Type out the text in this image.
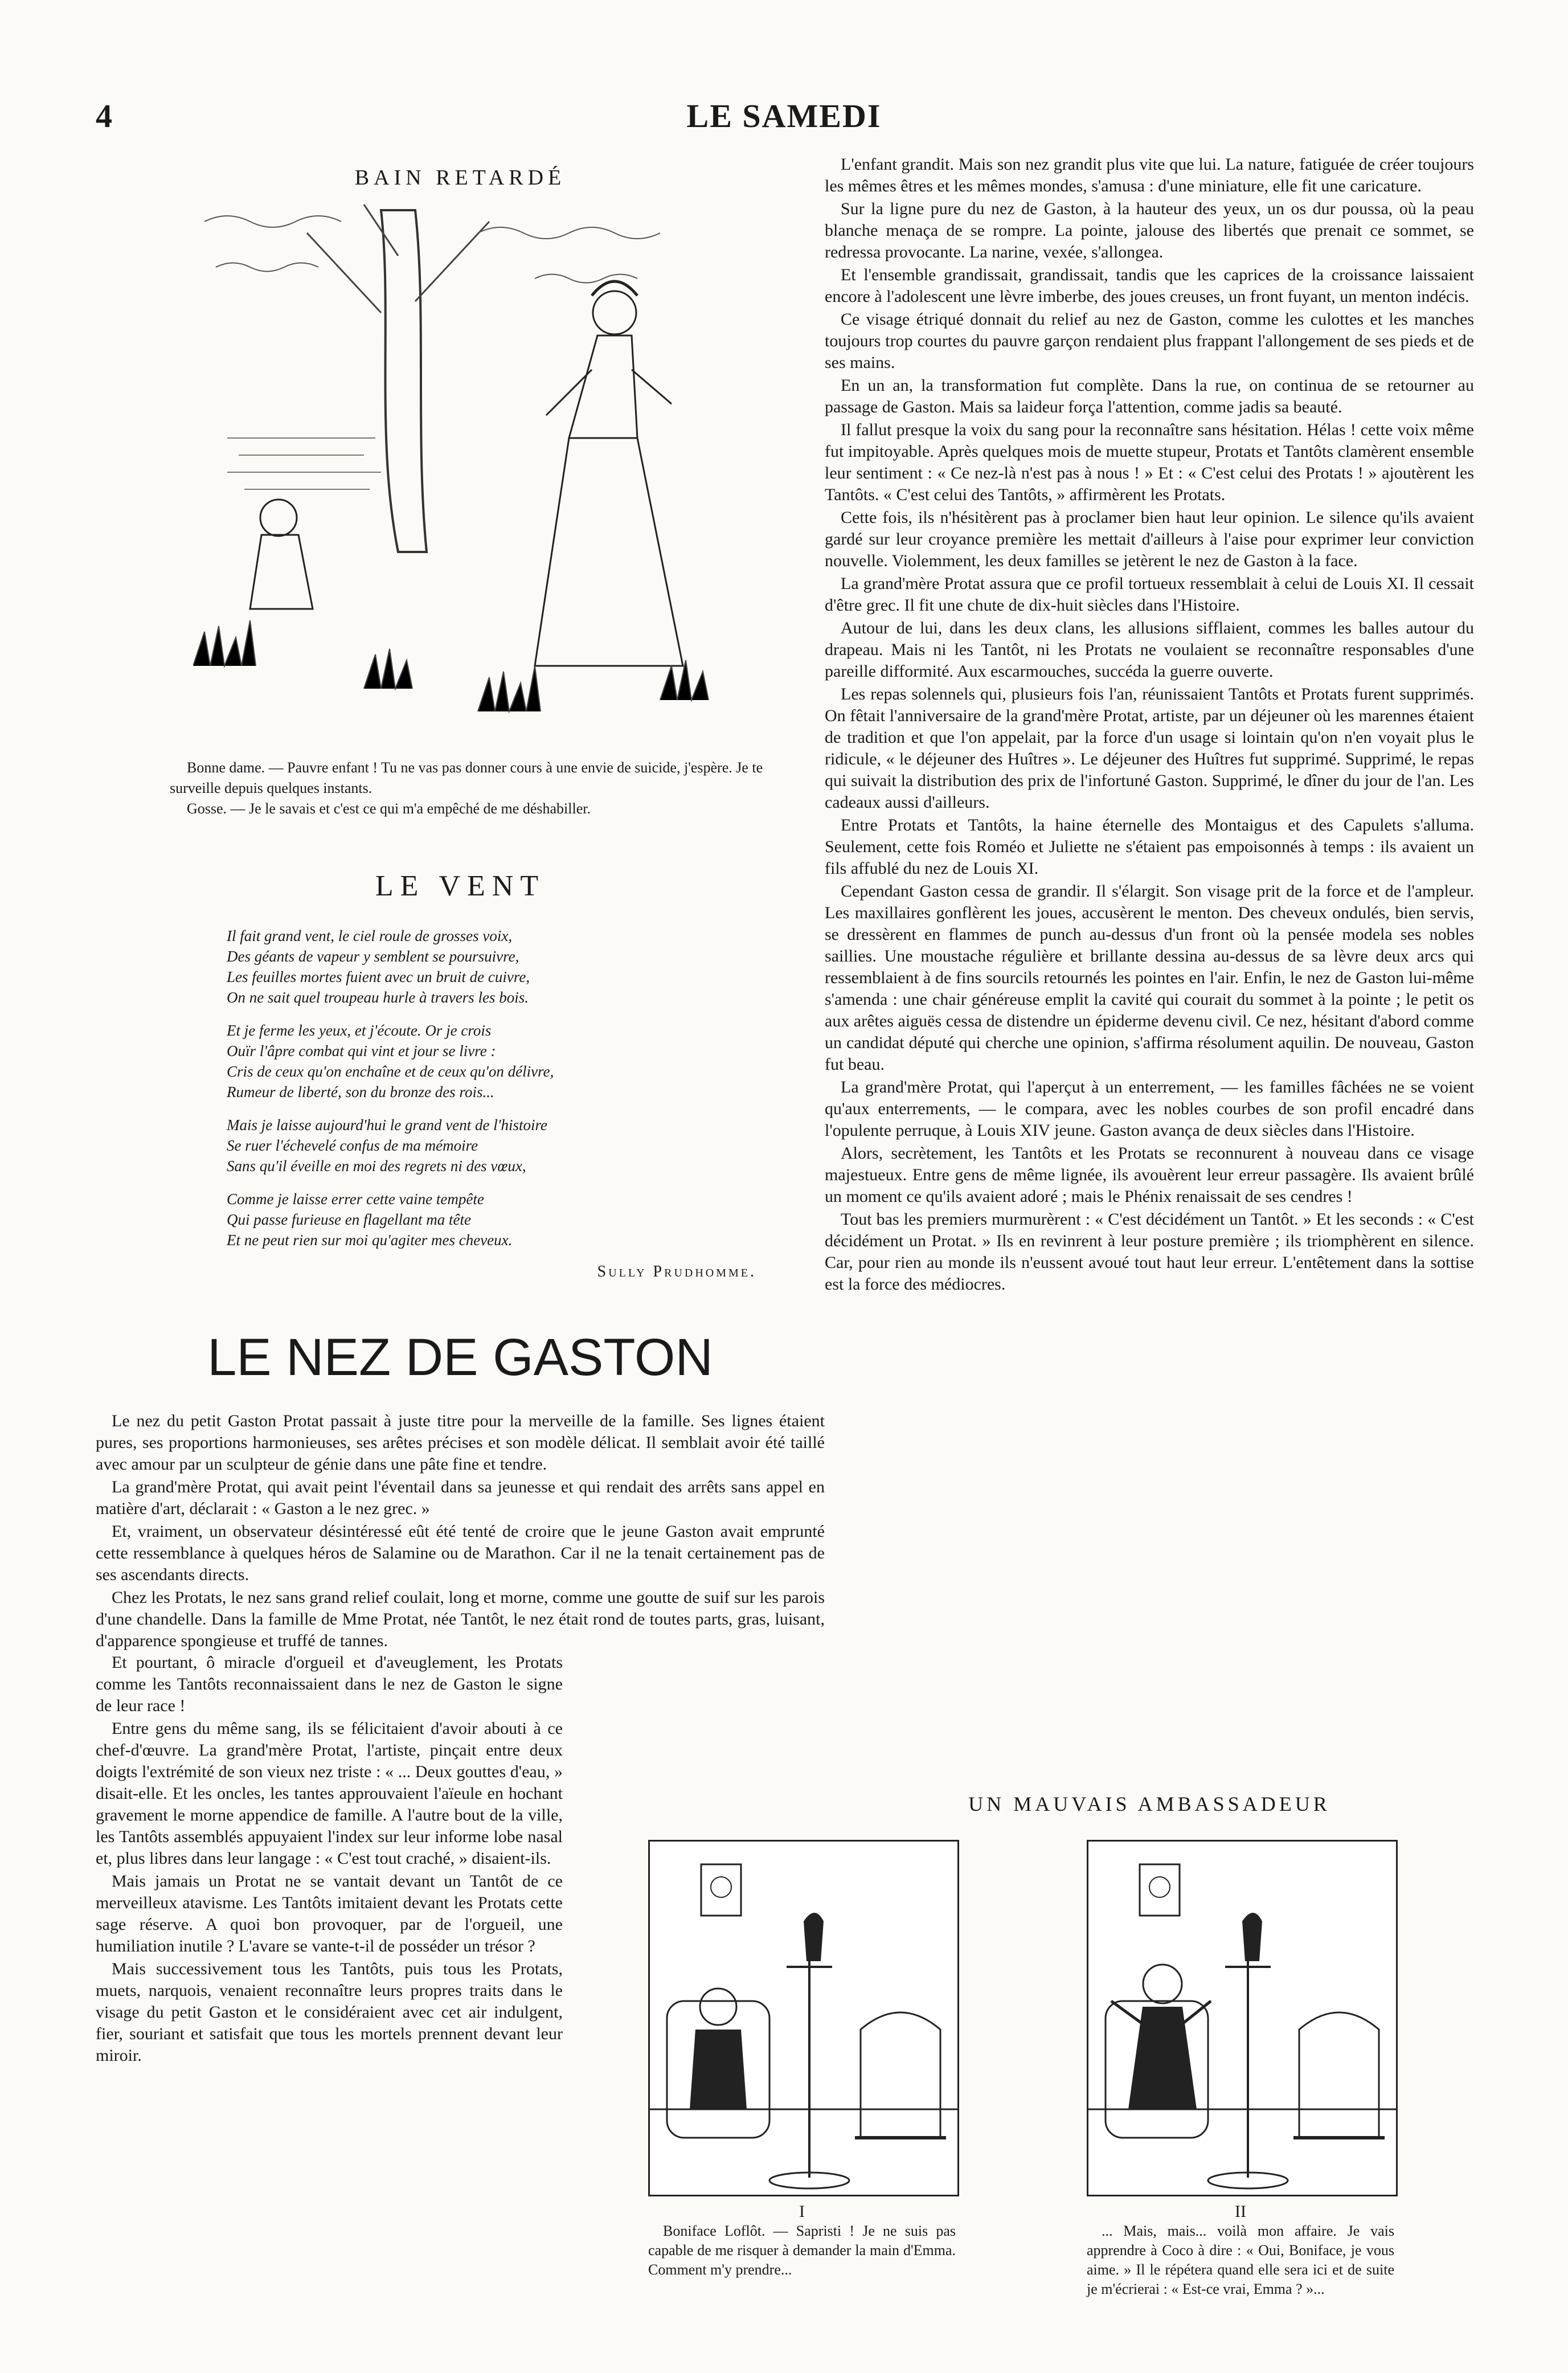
4	LE SAMEDI
BAIN RETARDÉ

Bonne dame. — Pauvre enfant ! Tu ne vas pas donner cours à une envie de suicide, j'espère. Je te surveille depuis quelques instants.

Gosse. — Je le savais et c'est ce qui m'a empêché de me déshabiller.

LE VENT
Il fait grand vent, le ciel roule de grosses voix,
Des géants de vapeur y semblent se poursuivre,
Les feuilles mortes fuient avec un bruit de cuivre,
On ne sait quel troupeau hurle à travers les bois.
Et je ferme les yeux, et j'écoute. Or je crois
Ouïr l'âpre combat qui vint et jour se livre :
Cris de ceux qu'on enchaîne et de ceux qu'on délivre,
Rumeur de liberté, son du bronze des rois...
Mais je laisse aujourd'hui le grand vent de l'histoire
Se ruer l'échevelé confus de ma mémoire
Sans qu'il éveille en moi des regrets ni des vœux,
Comme je laisse errer cette vaine tempête
Qui passe furieuse en flagellant ma tête
Et ne peut rien sur moi qu'agiter mes cheveux.
Sully Prudhomme.
LE NEZ DE GASTON

Le nez du petit Gaston Protat passait à juste titre pour la merveille de la famille. Ses lignes étaient pures, ses proportions harmonieuses, ses arêtes précises et son modèle délicat. Il semblait avoir été taillé avec amour par un sculpteur de génie dans une pâte fine et tendre.

La grand'mère Protat, qui avait peint l'éventail dans sa jeunesse et qui rendait des arrêts sans appel en matière d'art, déclarait : « Gaston a le nez grec. »

Et, vraiment, un observateur désintéressé eût été tenté de croire que le jeune Gaston avait emprunté cette ressemblance à quelques héros de Salamine ou de Marathon. Car il ne la tenait certainement pas de ses ascendants directs.

Chez les Protats, le nez sans grand relief coulait, long et morne, comme une goutte de suif sur les parois d'une chandelle. Dans la famille de Mme Protat, née Tantôt, le nez était rond de toutes parts, gras, luisant, d'apparence spongieuse et truffé de tannes.

Et pourtant, ô miracle d'orgueil et d'aveuglement, les Protats comme les Tantôts reconnaissaient dans le nez de Gaston le signe de leur race !

Entre gens du même sang, ils se félicitaient d'avoir abouti à ce chef-d'œuvre. La grand'mère Protat, l'artiste, pinçait entre deux doigts l'extrémité de son vieux nez triste : « ... Deux gouttes d'eau, » disait-elle. Et les oncles, les tantes approuvaient l'aïeule en hochant gravement le morne appendice de famille. A l'autre bout de la ville, les Tantôts assemblés appuyaient l'index sur leur informe lobe nasal et, plus libres dans leur langage : « C'est tout craché, » disaient-ils.

Mais jamais un Protat ne se vantait devant un Tantôt de ce merveilleux atavisme. Les Tantôts imitaient devant les Protats cette sage réserve. A quoi bon provoquer, par de l'orgueil, une humiliation inutile ? L'avare se vante-t-il de posséder un trésor ?

Mais successivement tous les Tantôts, puis tous les Protats, muets, narquois, venaient reconnaître leurs propres traits dans le visage du petit Gaston et le considéraient avec cet air indulgent, fier, souriant et satisfait que tous les mortels prennent devant leur miroir.

L'enfant grandit. Mais son nez grandit plus vite que lui. La nature, fatiguée de créer toujours les mêmes êtres et les mêmes mondes, s'amusa : d'une miniature, elle fit une caricature.

Sur la ligne pure du nez de Gaston, à la hauteur des yeux, un os dur poussa, où la peau blanche menaça de se rompre. La pointe, jalouse des libertés que prenait ce sommet, se redressa provocante. La narine, vexée, s'allongea.

Et l'ensemble grandissait, grandissait, tandis que les caprices de la croissance laissaient encore à l'adolescent une lèvre imberbe, des joues creuses, un front fuyant, un menton indécis.

Ce visage étriqué donnait du relief au nez de Gaston, comme les culottes et les manches toujours trop courtes du pauvre garçon rendaient plus frappant l'allongement de ses pieds et de ses mains.

En un an, la transformation fut complète. Dans la rue, on continua de se retourner au passage de Gaston. Mais sa laideur força l'attention, comme jadis sa beauté.

Il fallut presque la voix du sang pour la reconnaître sans hésitation. Hélas ! cette voix même fut impitoyable. Après quelques mois de muette stupeur, Protats et Tantôts clamèrent ensemble leur sentiment : « Ce nez-là n'est pas à nous ! » Et : « C'est celui des Protats ! » ajoutèrent les Tantôts. « C'est celui des Tantôts, » affirmèrent les Protats.

Cette fois, ils n'hésitèrent pas à proclamer bien haut leur opinion. Le silence qu'ils avaient gardé sur leur croyance première les mettait d'ailleurs à l'aise pour exprimer leur conviction nouvelle. Violemment, les deux familles se jetèrent le nez de Gaston à la face.

La grand'mère Protat assura que ce profil tortueux ressemblait à celui de Louis XI. Il cessait d'être grec. Il fit une chute de dix-huit siècles dans l'Histoire.

Autour de lui, dans les deux clans, les allusions sifflaient, commes les balles autour du drapeau. Mais ni les Tantôt, ni les Protats ne voulaient se reconnaître responsables d'une pareille difformité. Aux escarmouches, succéda la guerre ouverte.

Les repas solennels qui, plusieurs fois l'an, réunissaient Tantôts et Protats furent supprimés. On fêtait l'anniversaire de la grand'mère Protat, artiste, par un déjeuner où les marennes étaient de tradition et que l'on appelait, par la force d'un usage si lointain qu'on n'en voyait plus le ridicule, « le déjeuner des Huîtres ». Le déjeuner des Huîtres fut supprimé. Supprimé, le repas qui suivait la distribution des prix de l'infortuné Gaston. Supprimé, le dîner du jour de l'an. Les cadeaux aussi d'ailleurs.

Entre Protats et Tantôts, la haine éternelle des Montaigus et des Capulets s'alluma. Seulement, cette fois Roméo et Juliette ne s'étaient pas empoisonnés à temps : ils avaient un fils affublé du nez de Louis XI.

Cependant Gaston cessa de grandir. Il s'élargit. Son visage prit de la force et de l'ampleur. Les maxillaires gonflèrent les joues, accusèrent le menton. Des cheveux ondulés, bien servis, se dressèrent en flammes de punch au-dessus d'un front où la pensée modela ses nobles saillies. Une moustache régulière et brillante dessina au-dessus de sa lèvre deux arcs qui ressemblaient à de fins sourcils retournés les pointes en l'air. Enfin, le nez de Gaston lui-même s'amenda : une chair généreuse emplit la cavité qui courait du sommet à la pointe ; le petit os aux arêtes aiguës cessa de distendre un épiderme devenu civil. Ce nez, hésitant d'abord comme un candidat député qui cherche une opinion, s'affirma résolument aquilin. De nouveau, Gaston fut beau.

La grand'mère Protat, qui l'aperçut à un enterrement, — les familles fâchées ne se voient qu'aux enterrements, — le compara, avec les nobles courbes de son profil encadré dans l'opulente perruque, à Louis XIV jeune. Gaston avança de deux siècles dans l'Histoire.

Alors, secrètement, les Tantôts et les Protats se reconnurent à nouveau dans ce visage majestueux. Entre gens de même lignée, ils avouèrent leur erreur passagère. Ils avaient brûlé un moment ce qu'ils avaient adoré ; mais le Phénix renaissait de ses cendres !

Tout bas les premiers murmurèrent : « C'est décidément un Tantôt. » Et les seconds : « C'est décidément un Protat. » Ils en revinrent à leur posture première ; ils triomphèrent en silence. Car, pour rien au monde ils n'eussent avoué tout haut leur erreur. L'entêtement dans la sottise est la force des médiocres.

UN MAUVAIS AMBASSADEUR
I	II

Boniface Loflôt. — Sapristi ! Je ne suis pas capable de me risquer à demander la main d'Emma. Comment m'y prendre...

... Mais, mais... voilà mon affaire. Je vais apprendre à Coco à dire : « Oui, Boniface, je vous aime. » Il le répétera quand elle sera ici et de suite je m'écrierai : « Est-ce vrai, Emma ? »...
